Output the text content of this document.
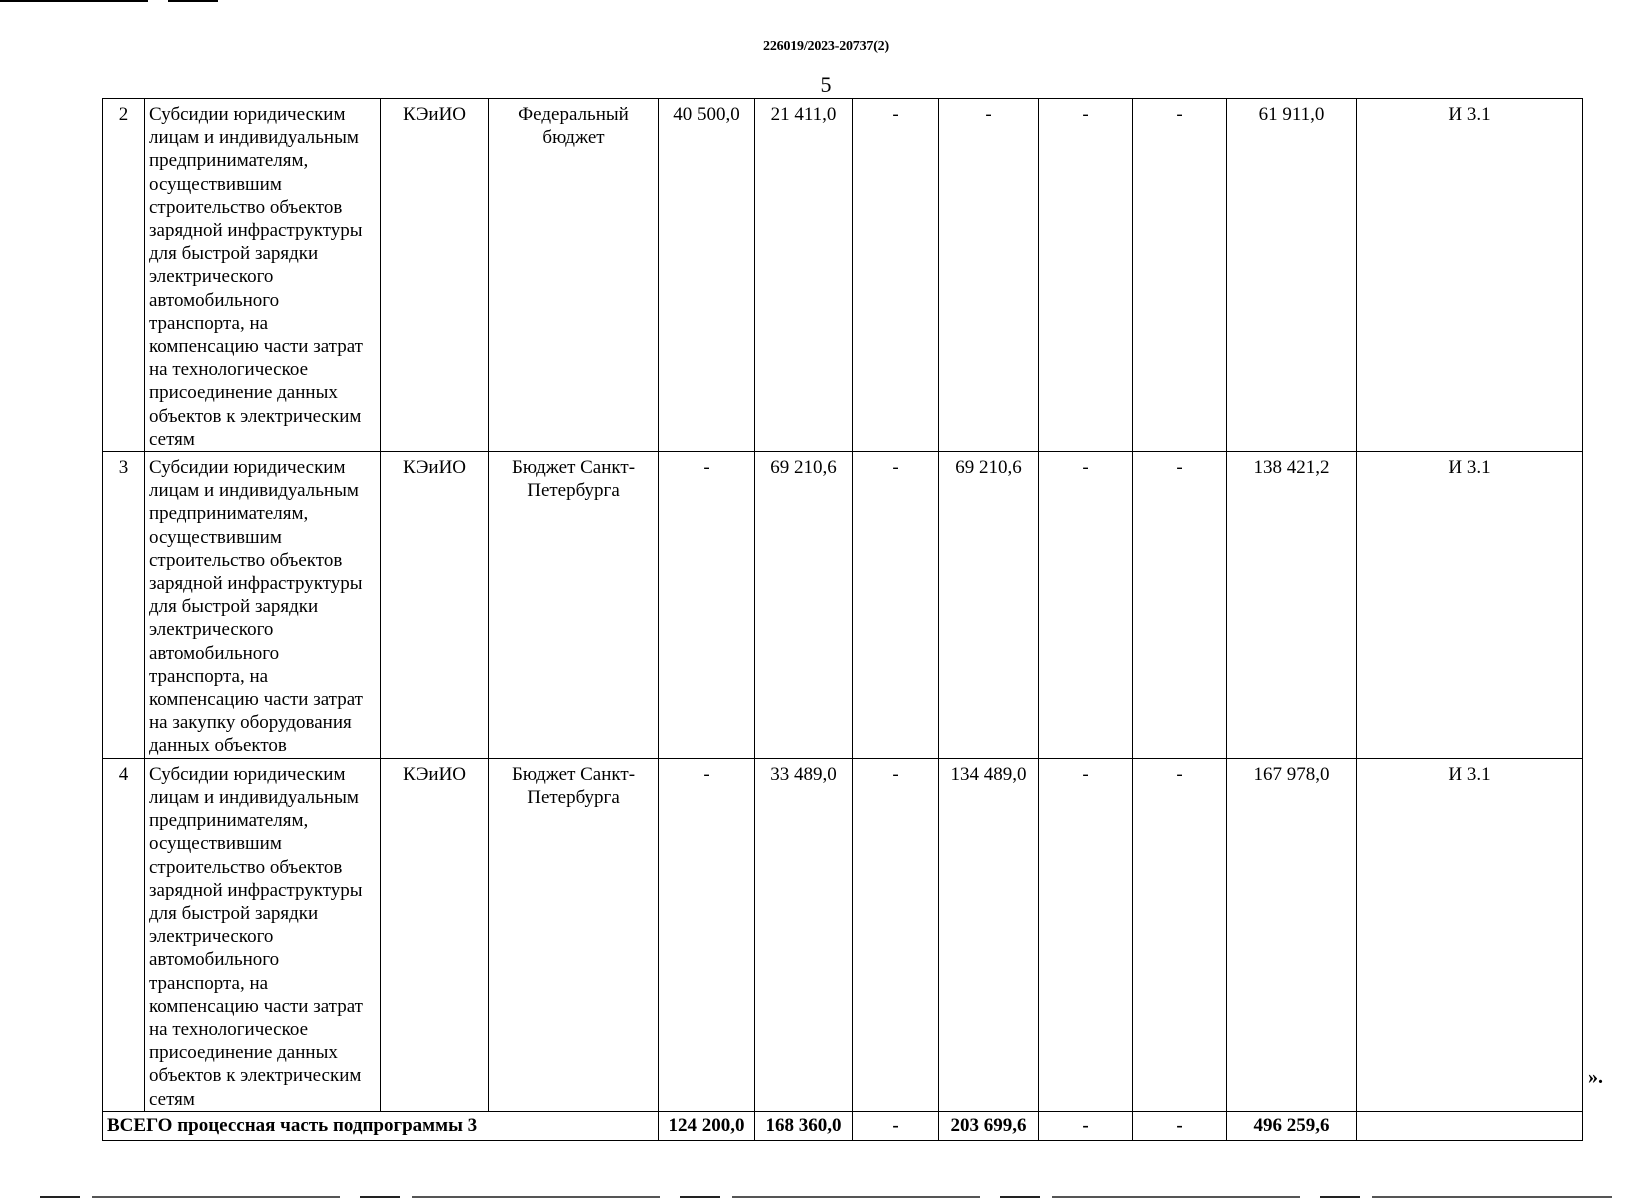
226019/2023-20737(2)
5
2	Субсидии юридическим лицам и индивидуальным предпринимателям, осуществившим строительство объектов зарядной инфраструктуры для быстрой зарядки электрического автомобильного транспорта, на компенсацию части затрат на технологическое присоединение данных объектов к электрическим сетям	КЭиИО	Федеральный бюджет	40 500,0	21 411,0	-	-	-	-	61 911,0	И 3.1
3	Субсидии юридическим лицам и индивидуальным предпринимателям, осуществившим строительство объектов зарядной инфраструктуры для быстрой зарядки электрического автомобильного транспорта, на компенсацию части затрат на закупку оборудования данных объектов	КЭиИО	Бюджет Санкт-Петербурга	-	69 210,6	-	69 210,6	-	-	138 421,2	И 3.1
4	Субсидии юридическим лицам и индивидуальным предпринимателям, осуществившим строительство объектов зарядной инфраструктуры для быстрой зарядки электрического автомобильного транспорта, на компенсацию части затрат на технологическое присоединение данных объектов к электрическим сетям	КЭиИО	Бюджет Санкт-Петербурга	-	33 489,0	-	134 489,0	-	-	167 978,0	И 3.1
ВСЕГО процессная часть подпрограммы 3				124 200,0	168 360,0	-	203 699,6	-	-	496 259,6	
».
